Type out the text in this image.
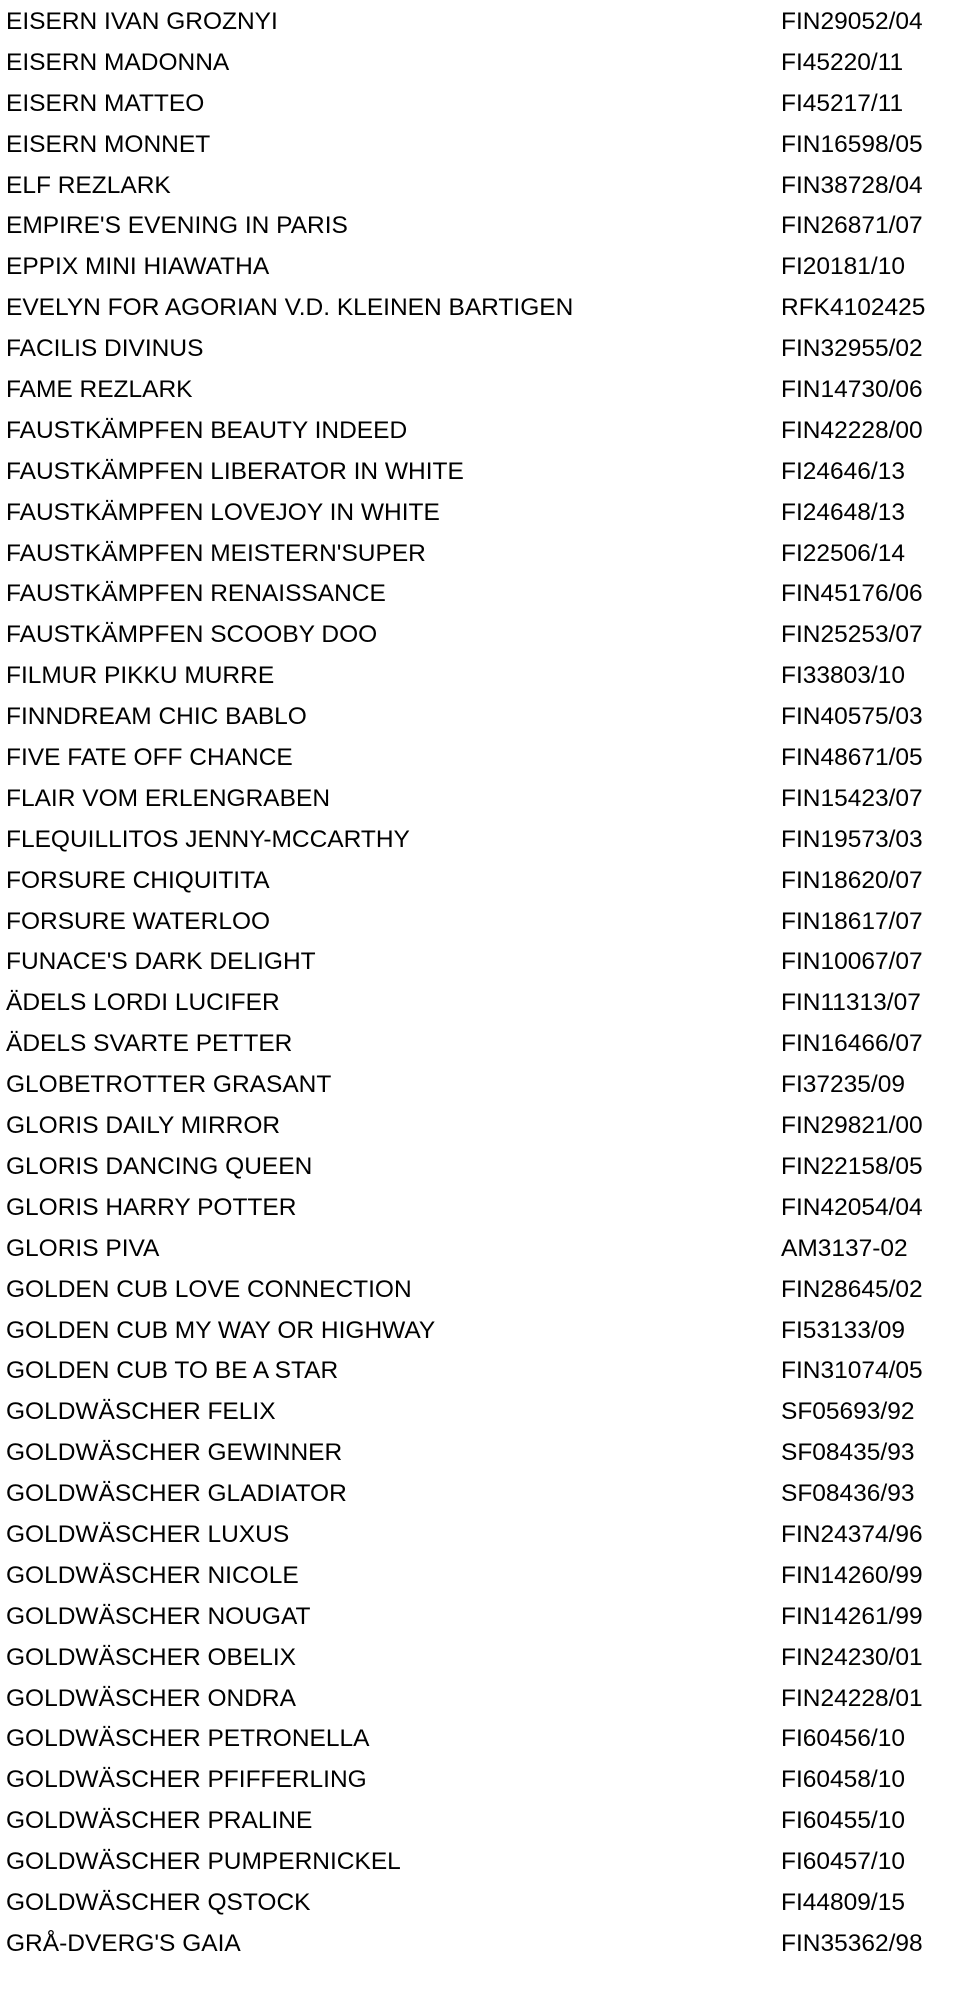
EISERN IVAN GROZNYI	FIN29052/04
EISERN MADONNA	FI45220/11
EISERN MATTEO	FI45217/11
EISERN MONNET	FIN16598/05
ELF REZLARK	FIN38728/04
EMPIRE'S EVENING IN PARIS	FIN26871/07
EPPIX MINI HIAWATHA	FI20181/10
EVELYN FOR AGORIAN V.D. KLEINEN BARTIGEN	RFK4102425
FACILIS DIVINUS	FIN32955/02
FAME REZLARK	FIN14730/06
FAUSTKÄMPFEN BEAUTY INDEED	FIN42228/00
FAUSTKÄMPFEN LIBERATOR IN WHITE	FI24646/13
FAUSTKÄMPFEN LOVEJOY IN WHITE	FI24648/13
FAUSTKÄMPFEN MEISTERN'SUPER	FI22506/14
FAUSTKÄMPFEN RENAISSANCE	FIN45176/06
FAUSTKÄMPFEN SCOOBY DOO	FIN25253/07
FILMUR PIKKU MURRE	FI33803/10
FINNDREAM CHIC BABLO	FIN40575/03
FIVE FATE OFF CHANCE	FIN48671/05
FLAIR VOM ERLENGRABEN	FIN15423/07
FLEQUILLITOS JENNY-MCCARTHY	FIN19573/03
FORSURE CHIQUITITA	FIN18620/07
FORSURE WATERLOO	FIN18617/07
FUNACE'S DARK DELIGHT	FIN10067/07
ÄDELS LORDI LUCIFER	FIN11313/07
ÄDELS SVARTE PETTER	FIN16466/07
GLOBETROTTER GRASANT	FI37235/09
GLORIS DAILY MIRROR	FIN29821/00
GLORIS DANCING QUEEN	FIN22158/05
GLORIS HARRY POTTER	FIN42054/04
GLORIS PIVA	AM3137-02
GOLDEN CUB LOVE CONNECTION	FIN28645/02
GOLDEN CUB MY WAY OR HIGHWAY	FI53133/09
GOLDEN CUB TO BE A STAR	FIN31074/05
GOLDWÄSCHER FELIX	SF05693/92
GOLDWÄSCHER GEWINNER	SF08435/93
GOLDWÄSCHER GLADIATOR	SF08436/93
GOLDWÄSCHER LUXUS	FIN24374/96
GOLDWÄSCHER NICOLE	FIN14260/99
GOLDWÄSCHER NOUGAT	FIN14261/99
GOLDWÄSCHER OBELIX	FIN24230/01
GOLDWÄSCHER ONDRA	FIN24228/01
GOLDWÄSCHER PETRONELLA	FI60456/10
GOLDWÄSCHER PFIFFERLING	FI60458/10
GOLDWÄSCHER PRALINE	FI60455/10
GOLDWÄSCHER PUMPERNICKEL	FI60457/10
GOLDWÄSCHER QSTOCK	FI44809/15
GRÅ-DVERG'S GAIA	FIN35362/98
